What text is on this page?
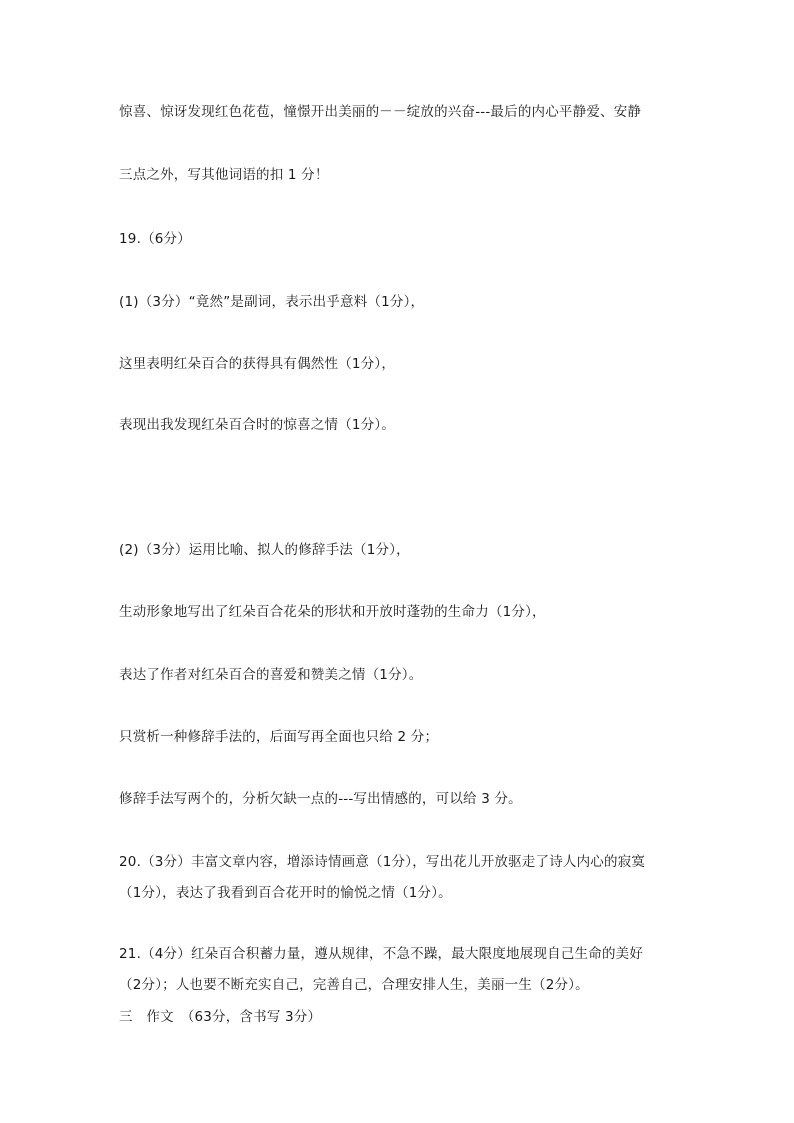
惊喜、惊讶发现红色花苞，憧憬开出美丽的－－绽放的兴奋---最后的内心平静爱、安静
三点之外，写其他词语的扣 1 分！
19.（6分）
(1)（3分）“竟然”是副词，表示出乎意料（1分），
这里表明红朵百合的获得具有偶然性（1分），
表现出我发现红朵百合时的惊喜之情（1分）。
(2)（3分）运用比喻、拟人的修辞手法（1分），
生动形象地写出了红朵百合花朵的形状和开放时蓬勃的生命力（1分），
表达了作者对红朵百合的喜爱和赞美之情（1分）。
只赏析一种修辞手法的，后面写再全面也只给 2 分；
修辞手法写两个的，分析欠缺一点的---写出情感的，可以给 3 分。
20.（3分）丰富文章内容，增添诗情画意（1分），写出花儿开放驱走了诗人内心的寂寞
（1分），表达了我看到百合花开时的愉悦之情（1分）。
21.（4分）红朵百合积蓄力量，遵从规律，不急不躁，最大限度地展现自己生命的美好
（2分）；人也要不断充实自己，完善自己，合理安排人生，美丽一生（2分）。
三　作文　（63分，含书写 3分）
